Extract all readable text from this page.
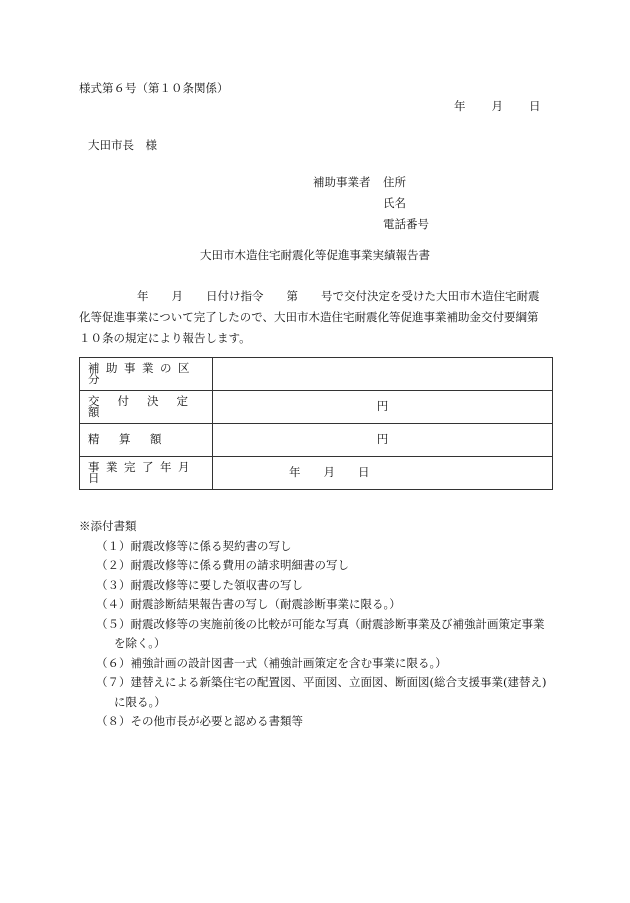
様式第６号（第１０条関係）
年 月 日
大田市長　様
補助事業者 住所
氏名
電話番号
大田市木造住宅耐震化等促進事業実績報告書
年　　月　　日付け指令　　第　　号で交付決定を受けた大田市木造住宅耐震
化等促進事業について完了したので、大田市木造住宅耐震化等促進事業補助金交付要綱第
１０条の規定により報告します。
補助事業の区分	
交付決定額	円
精　算　額	円
事業完了年月日	年　　月　　日
※添付書類
（１）耐震改修等に係る契約書の写し
（２）耐震改修等に係る費用の請求明細書の写し
（３）耐震改修等に要した領収書の写し
（４）耐震診断結果報告書の写し（耐震診断事業に限る。）
（５）耐震改修等の実施前後の比較が可能な写真（耐震診断事業及び補強計画策定事業
を除く。）
（６）補強計画の設計図書一式（補強計画策定を含む事業に限る。）
（７）建替えによる新築住宅の配置図、平面図、立面図、断面図(総合支援事業(建替え)
に限る。）
（８）その他市長が必要と認める書類等
